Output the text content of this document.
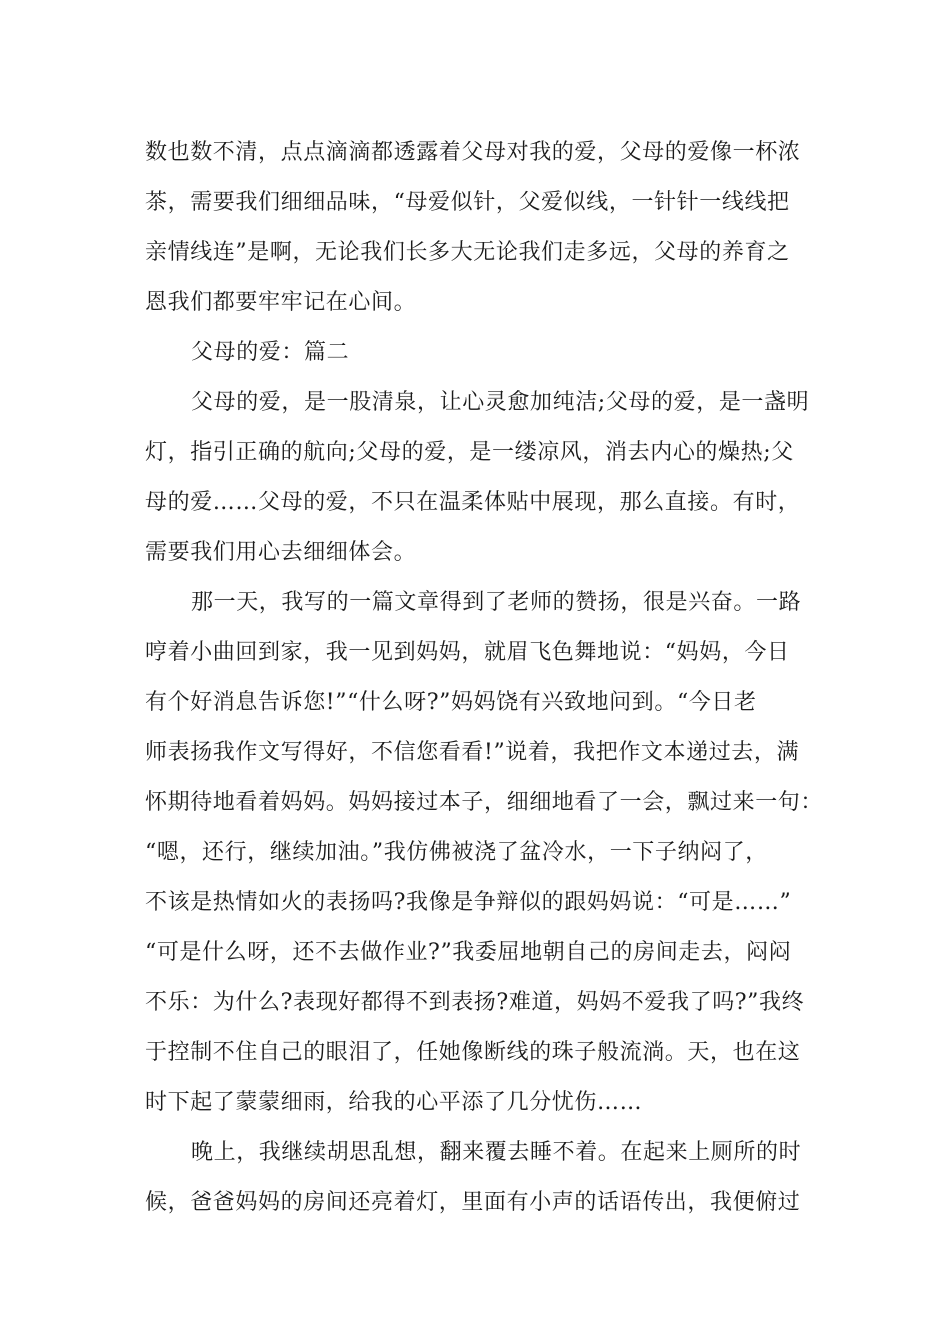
数也数不清，点点滴滴都透露着父母对我的爱，父母的爱像一杯浓
茶，需要我们细细品味，“母爱似针，父爱似线，一针针一线线把
亲情线连”是啊，无论我们长多大无论我们走多远，父母的养育之
恩我们都要牢牢记在心间。
父母的爱：篇二
父母的爱，是一股清泉，让心灵愈加纯洁;父母的爱，是一盏明
灯，指引正确的航向;父母的爱，是一缕凉风，消去内心的燥热;父
母的爱……父母的爱，不只在温柔体贴中展现，那么直接。有时，
需要我们用心去细细体会。
那一天，我写的一篇文章得到了老师的赞扬，很是兴奋。一路
哼着小曲回到家，我一见到妈妈，就眉飞色舞地说：“妈妈，今日
有个好消息告诉您!”“什么呀?”妈妈饶有兴致地问到。“今日老
师表扬我作文写得好，不信您看看!”说着，我把作文本递过去，满
怀期待地看着妈妈。妈妈接过本子，细细地看了一会，飘过来一句：
“嗯，还行，继续加油。”我仿佛被浇了盆冷水，一下子纳闷了，
不该是热情如火的表扬吗?我像是争辩似的跟妈妈说：“可是……”
“可是什么呀，还不去做作业?”我委屈地朝自己的房间走去，闷闷
不乐：为什么?表现好都得不到表扬?难道，妈妈不爱我了吗?”我终
于控制不住自己的眼泪了，任她像断线的珠子般流淌。天，也在这
时下起了蒙蒙细雨，给我的心平添了几分忧伤……
晚上，我继续胡思乱想，翻来覆去睡不着。在起来上厕所的时
候，爸爸妈妈的房间还亮着灯，里面有小声的话语传出，我便俯过
